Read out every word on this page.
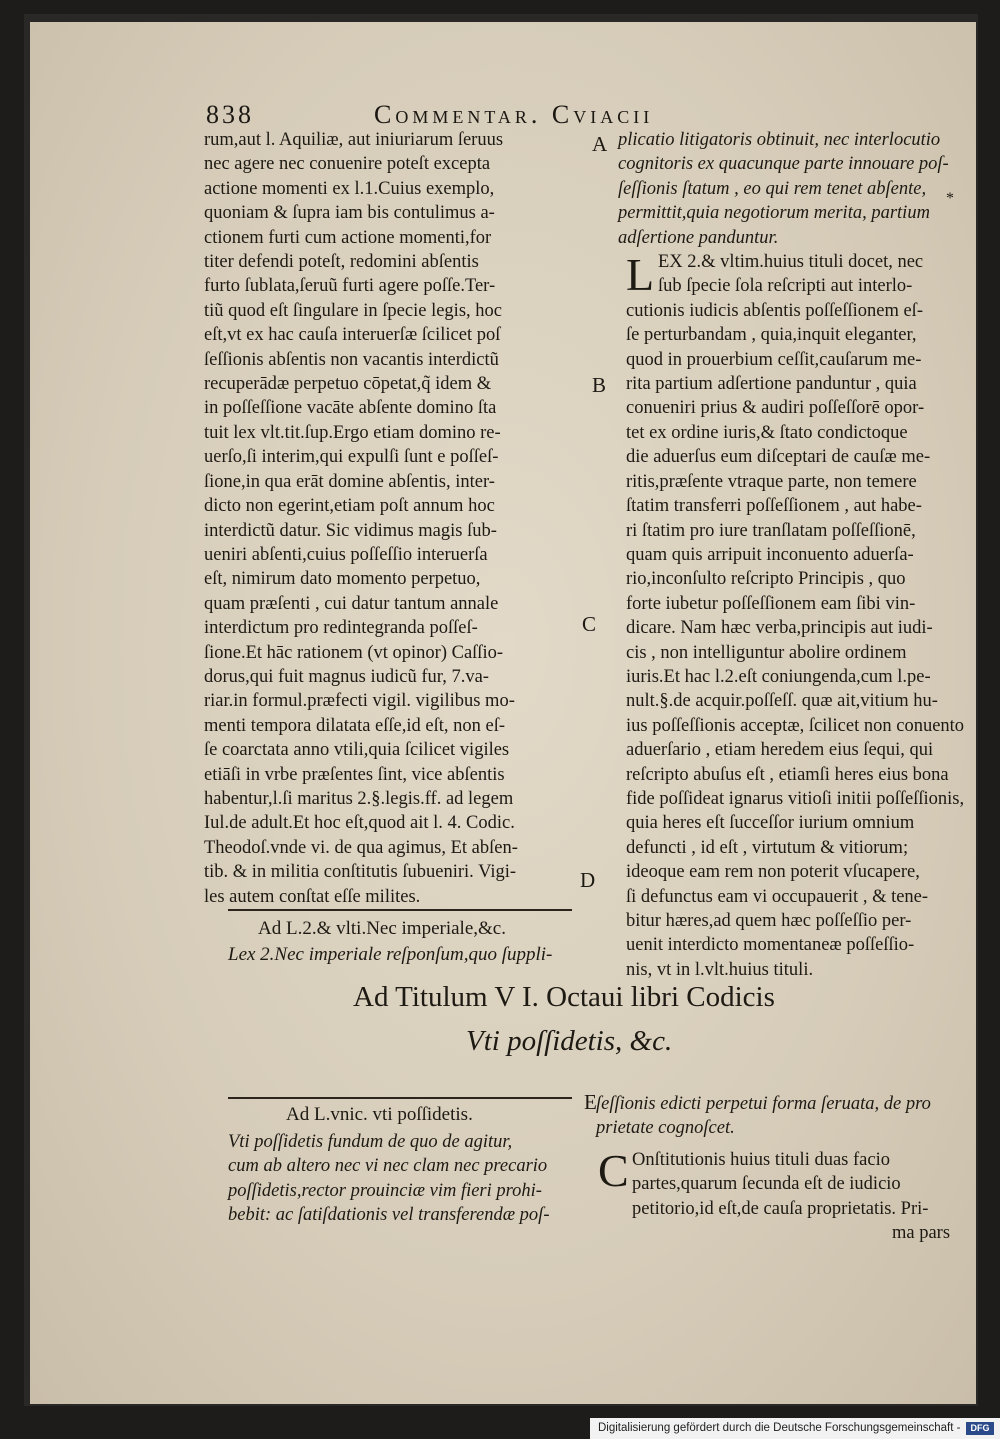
838	Commentar. Cviacii

rum,aut l. Aquiliæ, aut iniuriarum ſeruus

nec agere nec conuenire poteſt excepta

actione momenti ex l.1.Cuius exemplo,

quoniam & ſupra iam bis contulimus a-

ctionem furti cum actione momenti,for

titer defendi poteſt, redomini abſentis

furto ſublata,ſeruũ furti agere poſſe.Ter-

tiũ quod eſt ſingulare in ſpecie legis, hoc

eſt,vt ex hac cauſa interuerſæ ſcilicet poſ

ſeſſionis abſentis non vacantis interdictũ

recuperādæ perpetuo cōpetat,q̃ idem &

in poſſeſſione vacāte abſente domino ſta

tuit lex vlt.tit.ſup.Ergo etiam domino re-

uerſo,ſi interim,qui expulſi ſunt e poſſeſ-

ſione,in qua erāt domine abſentis, inter-

dicto non egerint,etiam poſt annum hoc

interdictũ datur. Sic vidimus magis ſub-

ueniri abſenti,cuius poſſeſſio interuerſa

eſt, nimirum dato momento perpetuo,

quam præſenti , cui datur tantum annale

interdictum pro redintegranda poſſeſ-

ſione.Et hāc rationem (vt opinor) Caſſio-

dorus,qui fuit magnus iudicũ fur, 7.va-

riar.in formul.præfecti vigil. vigilibus mo-

menti tempora dilatata eſſe,id eſt, non eſ-

ſe coarctata anno vtili,quia ſcilicet vigiles

etiāſi in vrbe præſentes ſint, vice abſentis

habentur,l.ſi maritus 2.§.legis.ff. ad legem

Iul.de adult.Et hoc eſt,quod ait l. 4. Codic.

Theodoſ.vnde vi. de qua agimus, Et abſen-

tib. & in militia conſtitutis ſubueniri. Vigi-

les autem conſtat eſſe milites.

plicatio litigatoris obtinuit, nec interlocutio

cognitoris ex quacunque parte innouare poſ-

ſeſſionis ſtatum , eo qui rem tenet abſente,

permittit,quia negotiorum merita, partium

adſertione panduntur.

L EX 2.& vltim.huius tituli docet, nec

ſub ſpecie ſola reſcripti aut interlo-

cutionis iudicis abſentis poſſeſſionem eſ-

ſe perturbandam , quia,inquit eleganter,

quod in prouerbium ceſſit,cauſarum me-

rita partium adſertione panduntur , quia

conueniri prius & audiri poſſeſſorē opor-

tet ex ordine iuris,& ſtato condictoque

die aduerſus eum diſceptari de cauſæ me-

ritis,præſente vtraque parte, non temere

ſtatim transferri poſſeſſionem , aut habe-

ri ſtatim pro iure tranſlatam poſſeſſionē,

quam quis arripuit inconuento aduerſa-

rio,inconſulto reſcripto Principis , quo

forte iubetur poſſeſſionem eam ſibi vin-

dicare. Nam hæc verba,principis aut iudi-

cis , non intelliguntur abolire ordinem

iuris.Et hac l.2.eſt coniungenda,cum l.pe-

nult.§.de acquir.poſſeſſ. quæ ait,vitium hu-

ius poſſeſſionis acceptæ, ſcilicet non conuento

aduerſario , etiam heredem eius ſequi, qui

reſcripto abuſus eſt , etiamſi heres eius bona

fide poſſideat ignarus vitioſi initii poſſeſſionis,

quia heres eſt ſucceſſor iurium omnium

defuncti , id eſt , virtutum & vitiorum;

ideoque eam rem non poterit vſucapere,

ſi defunctus eam vi occupauerit , & tene-

bitur hæres,ad quem hæc poſſeſſio per-

uenit interdicto momentaneæ poſſeſſio-

nis, vt in l.vlt.huius tituli.

A
B
C
D
E
*
Ad L.2.& vlti.Nec imperiale,&c.
Lex 2.Nec imperiale reſponſum,quo ſuppli-
Ad Titulum V I. Octaui libri Codicis
Vti poſſidetis, &c.
Ad L.vnic. vti poſſidetis.

Vti poſſidetis fundum de quo de agitur,

cum ab altero nec vi nec clam nec precario

poſſidetis,rector prouinciæ vim fieri prohi-

bebit: ac ſatiſdationis vel transferendæ poſ-

ſeſſionis edicti perpetui forma ſeruata, de pro

prietate cognoſcet.

C Onſtitutionis huius tituli duas facio

partes,quarum ſecunda eſt de iudicio

petitorio,id eſt,de cauſa proprietatis. Pri-

ma pars

Digitalisierung gefördert durch die Deutsche Forschungsgemeinschaft -	DFG
